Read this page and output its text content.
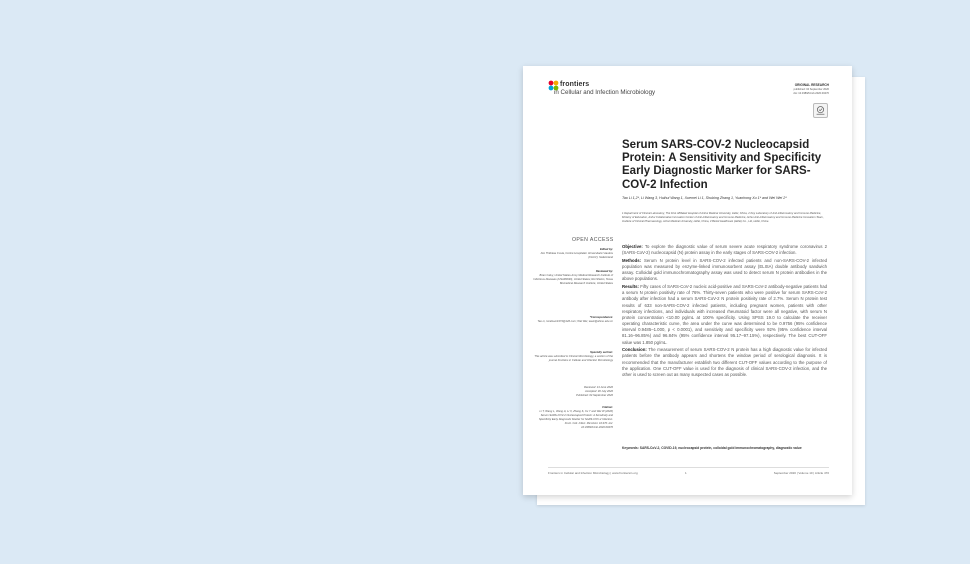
frontiers
in Cellular and Infection Microbiology
ORIGINAL RESEARCH
published: 04 September 2020
doi: 10.3389/fcimb.2020.00470
Serum SARS-COV-2 Nucleocapsid Protein: A Sensitivity and Specificity Early Diagnostic Marker for SARS-COV-2 Infection
Tao Li 1,2*, Li Wang 3, Huihui Wang 1, Xuemei Li 1, Shubing Zhang 1, Yuanhong Xu 1* and Wei Wei 2*
1 Department of Clinical Laboratory, The First Affiliated Hospital of Anhui Medical University, Hefei, China, 2 Key Laboratory of Anti-inflammatory and Immune Medicine, Ministry of Education, Anhui Collaborative Innovation Center of Anti-inflammatory and Immune Medicine, Anhui Anti-inflammatory and Immune Medicine Innovation Team, Institute of Clinical Pharmacology, Anhui Medical University, Hefei, China, 3 BioHit Healthcare (Hefei) Co., Ltd, Hefei, China
OPEN ACCESS
Edited by:
Alix Thébéas Costa, Centre Hospitalier Universitaire Vaudois (CHUV), Switzerland
Reviewed by:
Brian Calvy, United States Army Medical Research Institute of Infectious Diseases (USAMRIID), United States; Rei Shizen, Texas Biomedical Research Institute, United States
*Correspondence:
Tao Li, lonelisun1974@126.com; Wei Wei, wwei@ahmu.edu.cn
Specialty section:
This article was submitted to Clinical Microbiology, a section of the journal Frontiers in Cellular and Infection Microbiology
Received: 13 June 2020
Accepted: 30 July 2020
Published: 04 September 2020
Citation:
Li T, Wang L, Wang H, Li X, Zhang S, Xu Y and Wei W (2020) Serum SARS-COV-2 Nucleocapsid Protein: A Sensitivity and Specificity Early Diagnostic Marker for SARS-COV-2 Infection. Front. Cell. Infect. Microbiol. 10:470. doi: 10.3389/fcimb.2020.00470

Objective: To explore the diagnostic value of serum severe acute respiratory syndrome coronavirus 2 (SARS-CoV-2) nucleocapsid (N) protein assay in the early stages of SARS-COV-2 infection.

Methods: Serum N protein level in SARS-COV-2 infected patients and non-SARS-COV-2 infected population was measured by enzyme-linked immunosorbent assay (ELISA) double antibody sandwich assay. Colloidal gold immunochromatography assay was used to detect serum N protein antibodies in the above populations.

Results: Fifty cases of SARS-CoV-2 nucleic acid-positive and SARS-CoV-2 antibody-negative patients had a serum N protein positivity rate of 76%. Thirty-seven patients who were positive for serum SARS-CoV-2 antibody after infection had a serum SARS-CoV-2 N protein positivity rate of 2.7%. Serum N protein test results of 633 non-SARS-COV-2 infected patients, including pregnant women, patients with other respiratory infections, and individuals with increased rheumatoid factor were all negative, with serum N protein concentration <10.00 pg/mL at 100% specificity. Using SPSS 19.0 to calculate the receiver operating characteristic curve, the area under the curve was determined to be 0.9756 (95% confidence interval 0.9485–1.000, p < 0.0001), and sensitivity and specificity were 92% (95% confidence interval 81.16–96.85%) and 96.84% (95% confidence interval 95.17–97.15%), respectively. The best CUT-OFF value was 1.850 pg/mL.

Conclusion: The measurement of serum SARS-COV-2 N protein has a high diagnostic value for infected patients before the antibody appears and shortens the window period of serological diagnosis. It is recommended that the manufacturer establish two different CUT-OFF values according to the purpose of the application. One CUT-OFF value is used for the diagnosis of clinical SARS-COV-2 infection, and the other is used to screen out as many suspected cases as possible.

Keywords: SARS-CoV-2, COVID-19, nucleocapsid protein, colloidal gold immunochromatography, diagnostic value
Frontiers in Cellular and Infection Microbiology | www.frontiersin.org	1	September 2020 | Volume 10 | Article 470
